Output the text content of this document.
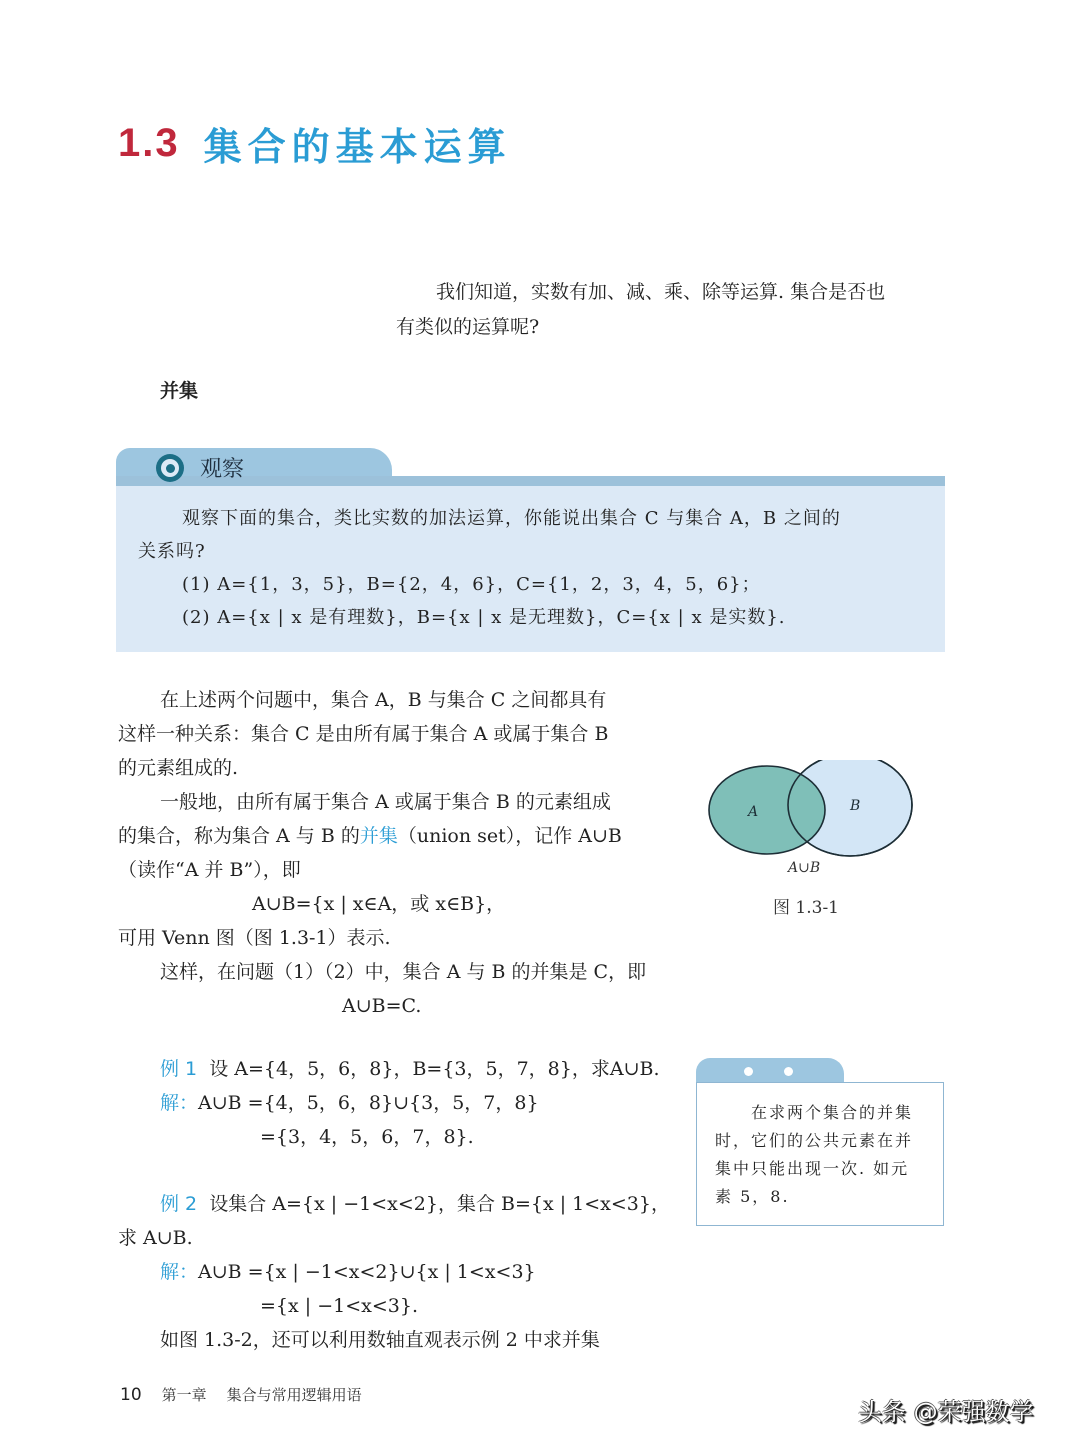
1.3 集合的基本运算
我们知道，实数有加、减、乘、除等运算. 集合是否也
有类似的运算呢?
并集
观察
观察下面的集合，类比实数的加法运算，你能说出集合 C 与集合 A，B 之间的
关系吗?
(1) A={1，3，5}，B={2，4，6}，C={1，2，3，4，5，6}；
(2) A={x | x 是有理数}，B={x | x 是无理数}，C={x | x 是实数}.
在上述两个问题中，集合 A，B 与集合 C 之间都具有
这样一种关系：集合 C 是由所有属于集合 A 或属于集合 B
的元素组成的.
一般地，由所有属于集合 A 或属于集合 B 的元素组成
的集合，称为集合 A 与 B 的并集（union set），记作 A∪B
（读作“A 并 B”），即
A∪B={x | x∈A，或 x∈B}，
可用 Venn 图（图 1.3-1）表示.
这样，在问题（1）（2）中，集合 A 与 B 的并集是 C，即
A∪B=C.
A	B
A∪B
图 1.3-1
例 1 设 A={4，5，6，8}，B={3，5，7，8}，求A∪B.
解：A∪B ={4，5，6，8}∪{3，5，7，8}
={3，4，5，6，7，8}.
例 2 设集合 A={x | −1<x<2}，集合 B={x | 1<x<3}，
求 A∪B.
解：A∪B ={x | −1<x<2}∪{x | 1<x<3}
={x | −1<x<3}.
如图 1.3-2，还可以利用数轴直观表示例 2 中求并集
在求两个集合的并集
时，它们的公共元素在并
集中只能出现一次. 如元
素 5，8.
10 第一章 集合与常用逻辑用语
头条 @荣强数学
